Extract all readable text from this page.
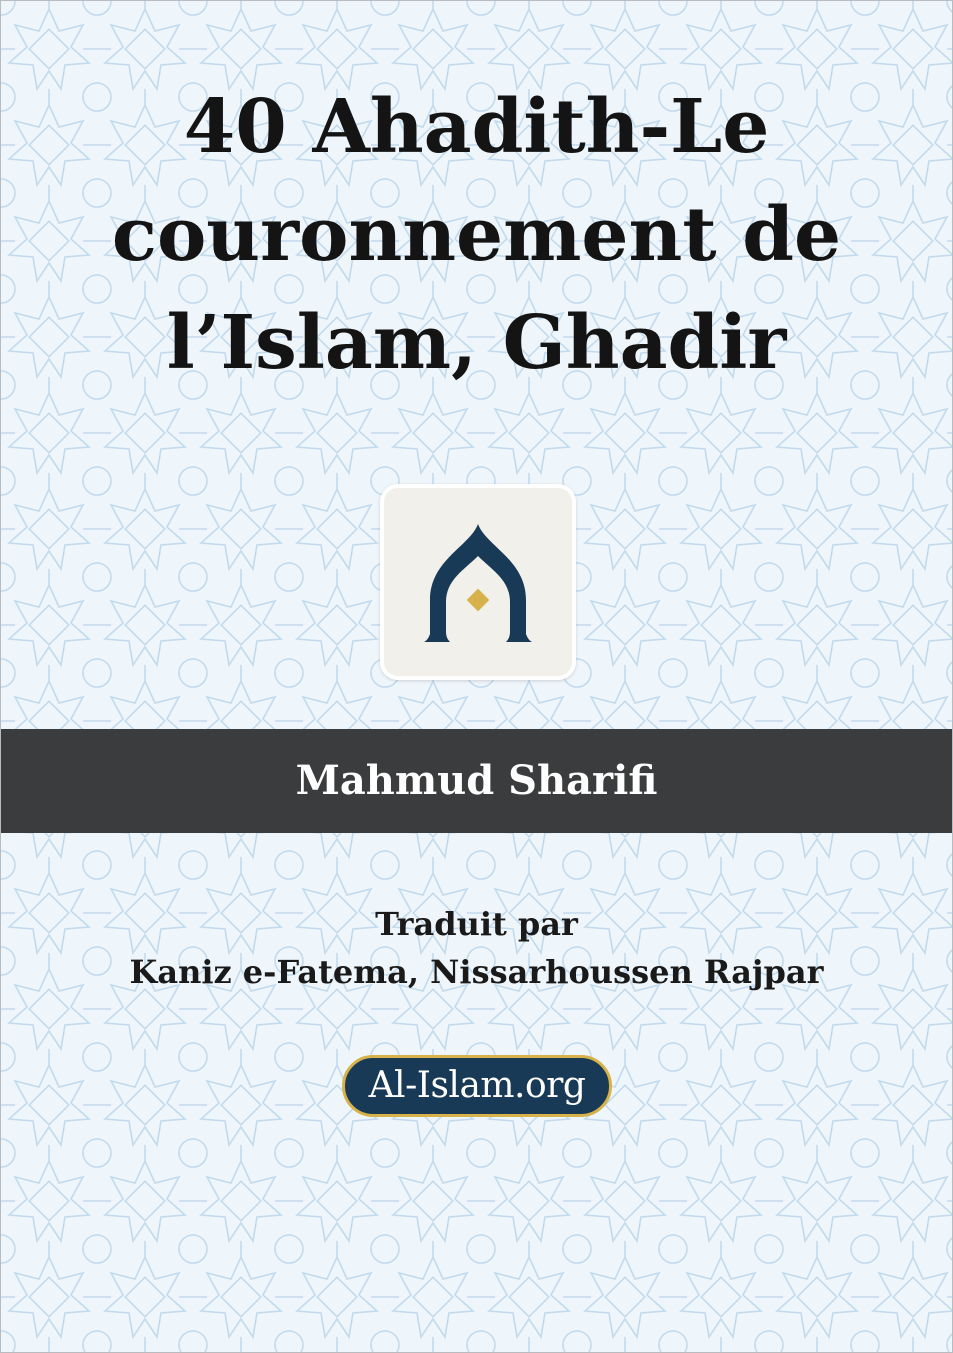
40 Ahadith-Le
couronnement de
l’Islam, Ghadir
Mahmud Sharifi
Traduit par
Kaniz e-Fatema, Nissarhoussen Rajpar
Al-Islam.org
